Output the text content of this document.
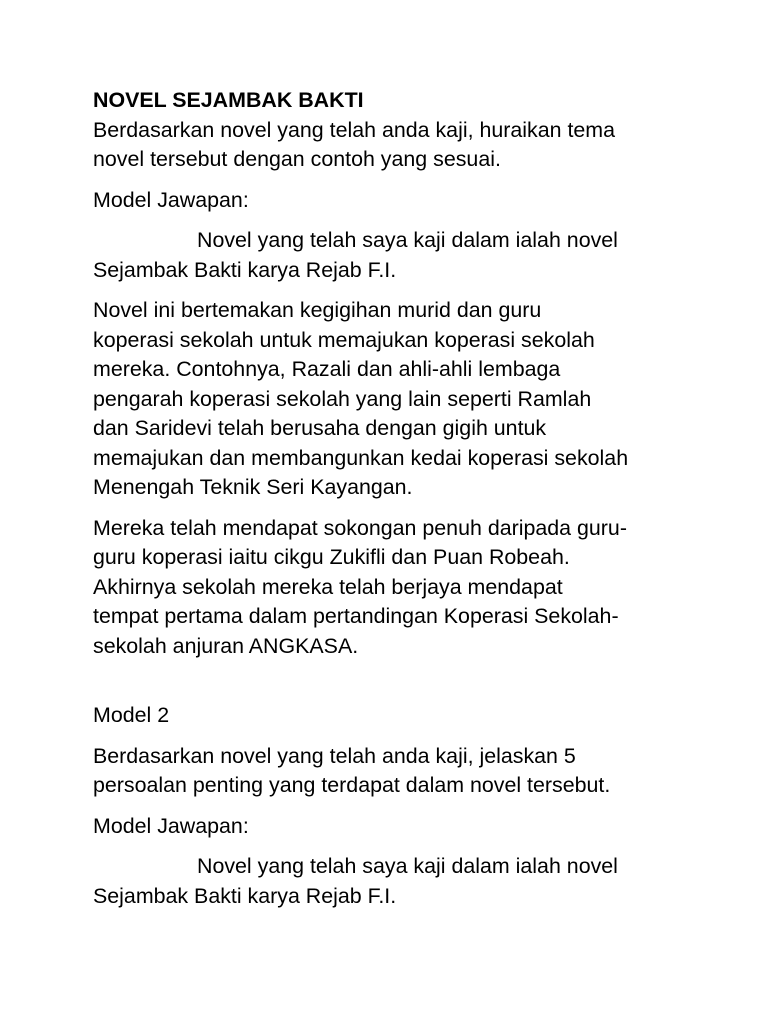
NOVEL SEJAMBAK BAKTI

Berdasarkan novel yang telah anda kaji, huraikan tema
novel tersebut dengan contoh yang sesuai.

Model Jawapan:

Novel yang telah saya kaji dalam ialah novel
Sejambak Bakti karya Rejab F.I.

Novel ini bertemakan kegigihan murid dan guru
koperasi sekolah untuk memajukan koperasi sekolah
mereka. Contohnya, Razali dan ahli-ahli lembaga
pengarah koperasi sekolah yang lain seperti Ramlah
dan Saridevi telah berusaha dengan gigih untuk
memajukan dan membangunkan kedai koperasi sekolah
Menengah Teknik Seri Kayangan.

Mereka telah mendapat sokongan penuh daripada guru-
guru koperasi iaitu cikgu Zukifli dan Puan Robeah.
Akhirnya sekolah mereka telah berjaya mendapat
tempat pertama dalam pertandingan Koperasi Sekolah-
sekolah anjuran ANGKASA.

Model 2

Berdasarkan novel yang telah anda kaji, jelaskan 5
persoalan penting yang terdapat dalam novel tersebut.

Model Jawapan:

Novel yang telah saya kaji dalam ialah novel
Sejambak Bakti karya Rejab F.I.
